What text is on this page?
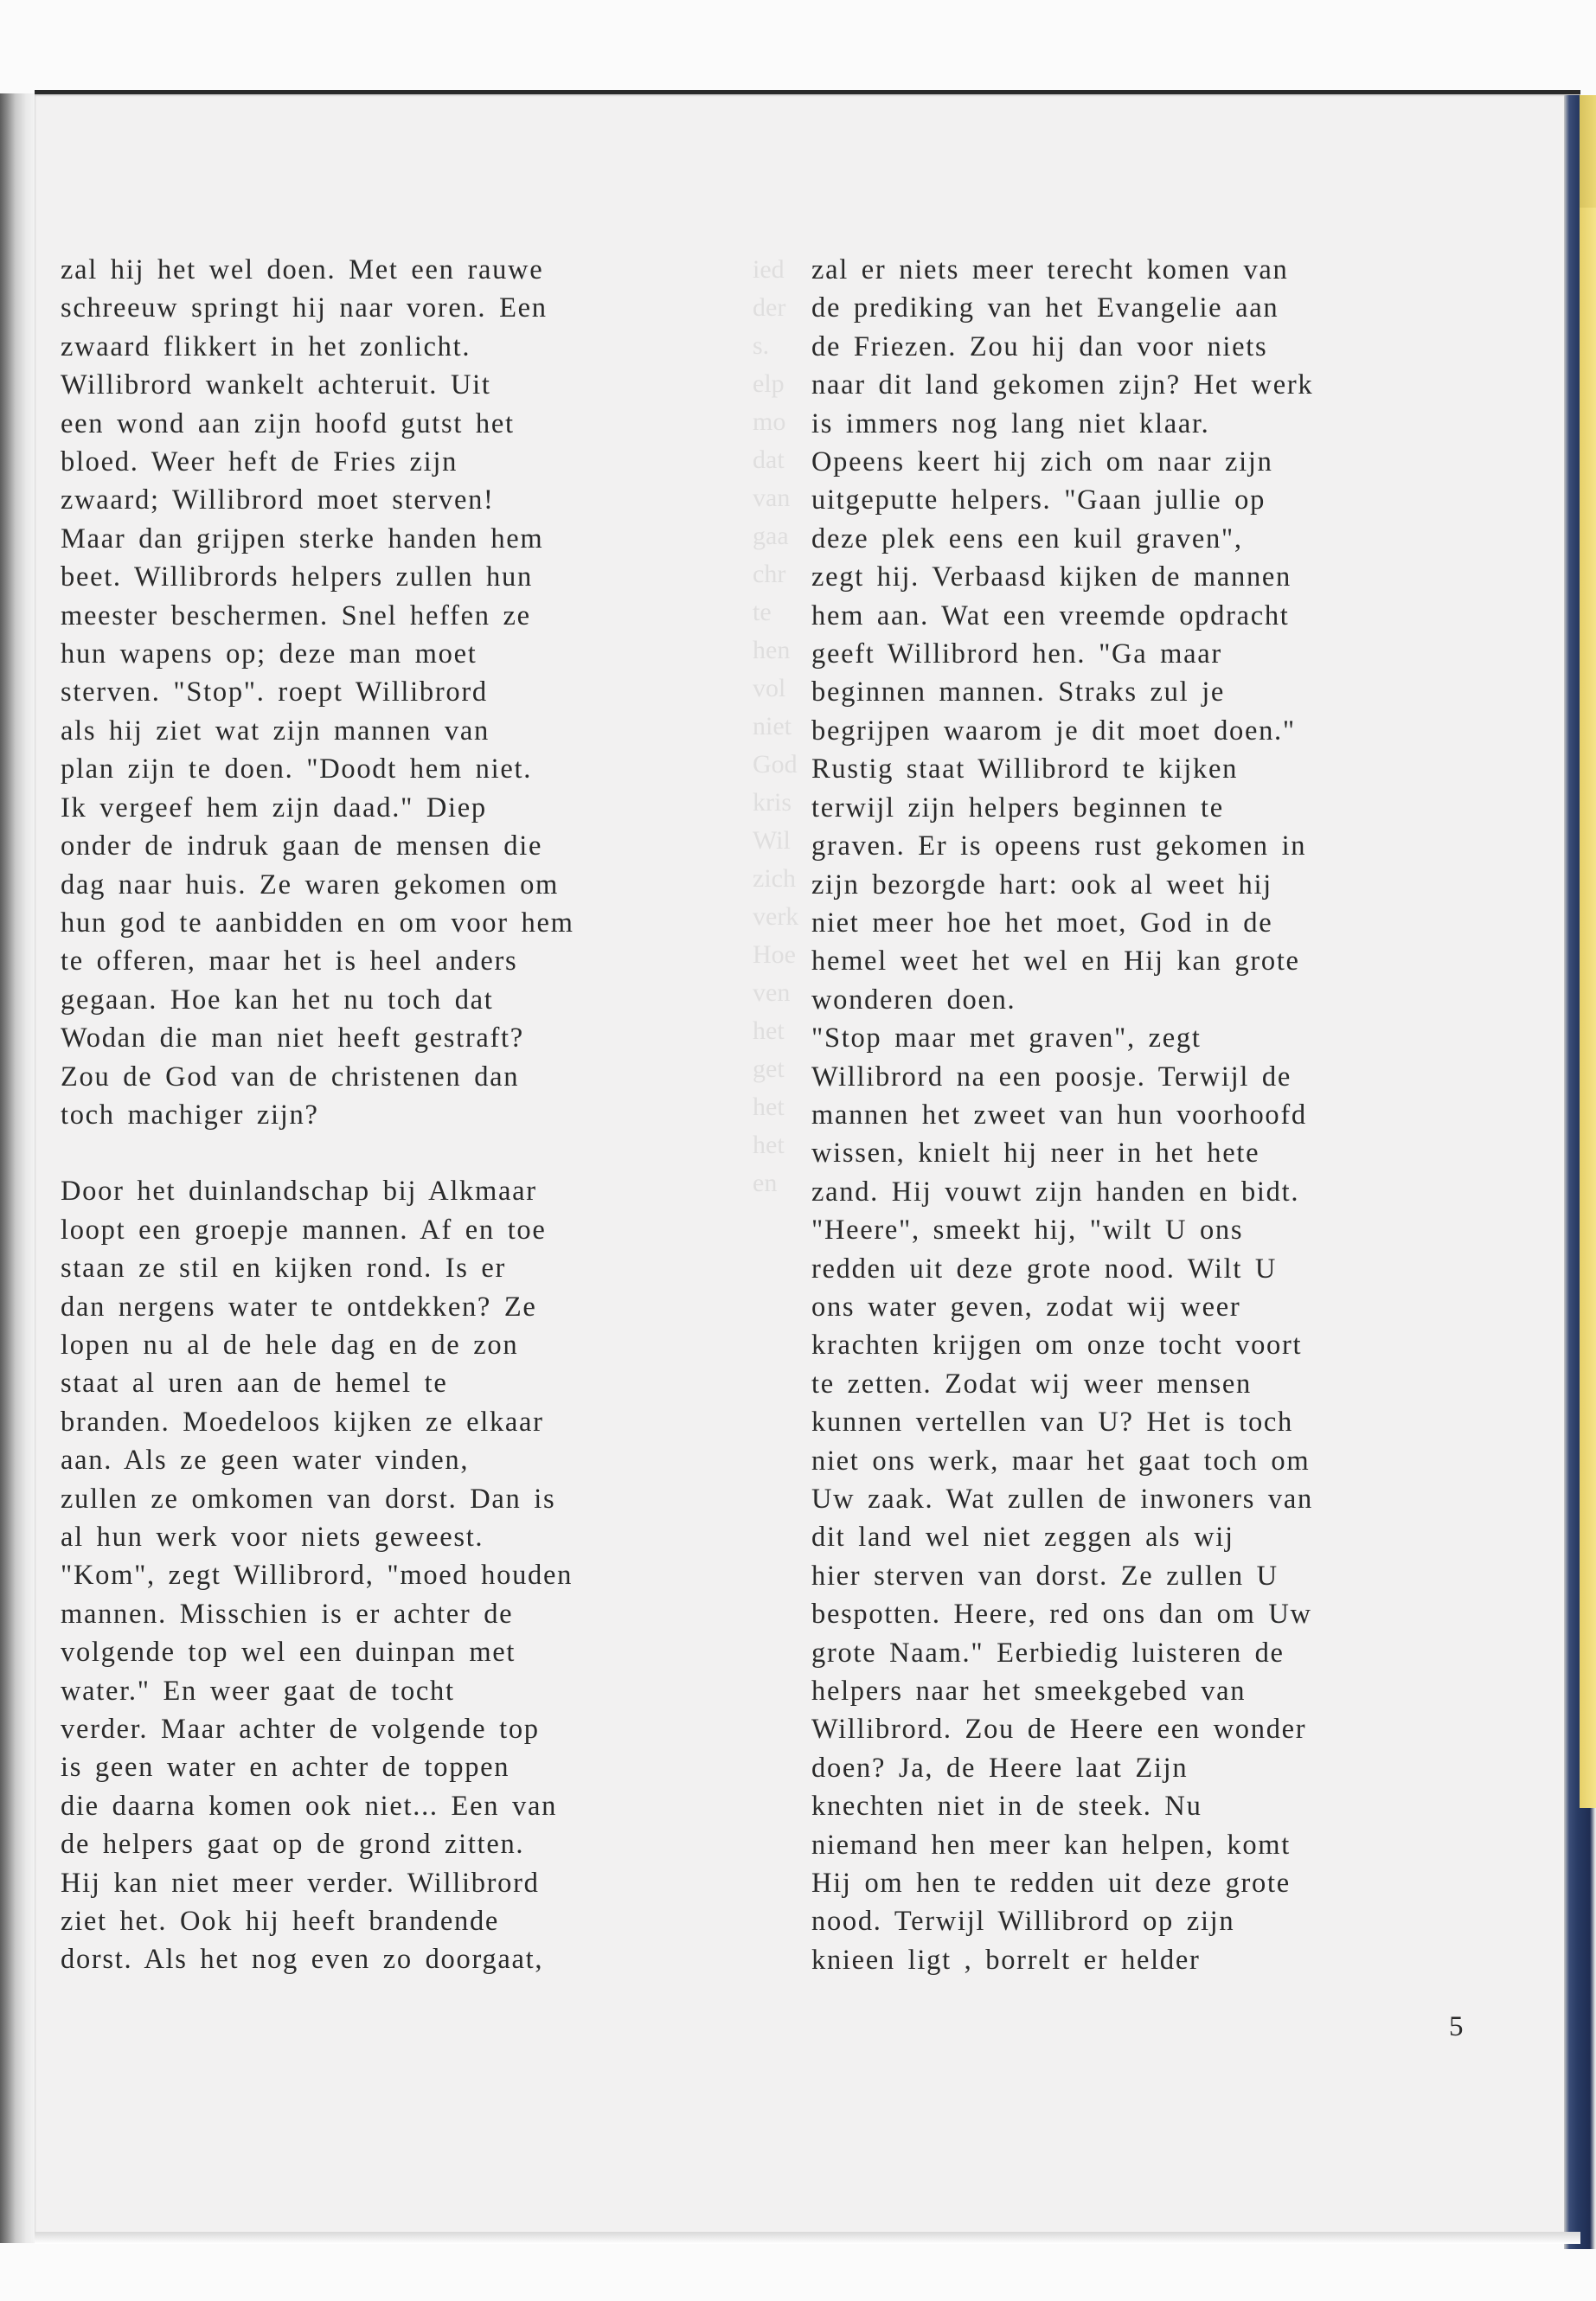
ied
der
s.
elp
mo
dat
van
gaa
chr
te
hen
vol
niet
God
kris
Wil
zich
verk
Hoe
ven
het
get
het
het
en
zal hij het wel doen. Met een rauwe
schreeuw springt hij naar voren. Een
zwaard flikkert in het zonlicht.
Willibrord wankelt achteruit. Uit
een wond aan zijn hoofd gutst het
bloed. Weer heft de Fries zijn
zwaard; Willibrord moet sterven!
Maar dan grijpen sterke handen hem
beet. Willibrords helpers zullen hun
meester beschermen. Snel heffen ze
hun wapens op; deze man moet
sterven. "Stop". roept Willibrord
als hij ziet wat zijn mannen van
plan zijn te doen. "Doodt hem niet.
Ik vergeef hem zijn daad." Diep
onder de indruk gaan de mensen die
dag naar huis. Ze waren gekomen om
hun god te aanbidden en om voor hem
te offeren, maar het is heel anders
gegaan. Hoe kan het nu toch dat
Wodan die man niet heeft gestraft?
Zou de God van de christenen dan
toch machiger zijn?
Door het duinlandschap bij Alkmaar
loopt een groepje mannen. Af en toe
staan ze stil en kijken rond. Is er
dan nergens water te ontdekken? Ze
lopen nu al de hele dag en de zon
staat al uren aan de hemel te
branden. Moedeloos kijken ze elkaar
aan. Als ze geen water vinden,
zullen ze omkomen van dorst. Dan is
al hun werk voor niets geweest.
"Kom", zegt Willibrord, "moed houden
mannen. Misschien is er achter de
volgende top wel een duinpan met
water." En weer gaat de tocht
verder. Maar achter de volgende top
is geen water en achter de toppen
die daarna komen ook niet... Een van
de helpers gaat op de grond zitten.
Hij kan niet meer verder. Willibrord
ziet het. Ook hij heeft brandende
dorst. Als het nog even zo doorgaat,
zal er niets meer terecht komen van
de prediking van het Evangelie aan
de Friezen. Zou hij dan voor niets
naar dit land gekomen zijn? Het werk
is immers nog lang niet klaar.
Opeens keert hij zich om naar zijn
uitgeputte helpers. "Gaan jullie op
deze plek eens een kuil graven",
zegt hij. Verbaasd kijken de mannen
hem aan. Wat een vreemde opdracht
geeft Willibrord hen. "Ga maar
beginnen mannen. Straks zul je
begrijpen waarom je dit moet doen."
Rustig staat Willibrord te kijken
terwijl zijn helpers beginnen te
graven. Er is opeens rust gekomen in
zijn bezorgde hart: ook al weet hij
niet meer hoe het moet, God in de
hemel weet het wel en Hij kan grote
wonderen doen.
"Stop maar met graven", zegt
Willibrord na een poosje. Terwijl de
mannen het zweet van hun voorhoofd
wissen, knielt hij neer in het hete
zand. Hij vouwt zijn handen en bidt.
"Heere", smeekt hij, "wilt U ons
redden uit deze grote nood. Wilt U
ons water geven, zodat wij weer
krachten krijgen om onze tocht voort
te zetten. Zodat wij weer mensen
kunnen vertellen van U? Het is toch
niet ons werk, maar het gaat toch om
Uw zaak. Wat zullen de inwoners van
dit land wel niet zeggen als wij
hier sterven van dorst. Ze zullen U
bespotten. Heere, red ons dan om Uw
grote Naam." Eerbiedig luisteren de
helpers naar het smeekgebed van
Willibrord. Zou de Heere een wonder
doen? Ja, de Heere laat Zijn
knechten niet in de steek. Nu
niemand hen meer kan helpen, komt
Hij om hen te redden uit deze grote
nood. Terwijl Willibrord op zijn
knieen ligt , borrelt er helder
5
